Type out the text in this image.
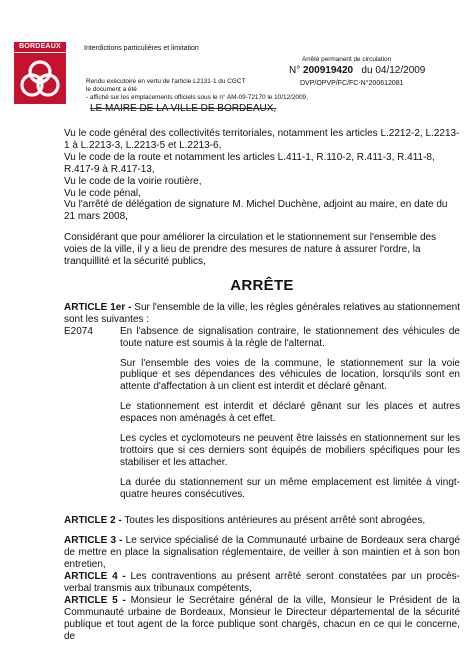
BORDEAUX	Interdictions particulières et limitation
Rendu exécutoire en vertu de l'article L2131-1 du CGCT
le document a été
- affiché sur les emplacements officiels sous le n° AM-09-72170 le 10/12/2009,
Arrêté permanent de circulation
N° 200919420 du 04/12/2009
DVP/OPVP/FC/FC-N°200612081
LE MAIRE DE LA VILLE DE BORDEAUX,

Vu le code général des collectivités territoriales, notamment les articles L.2212-2, L.2213-1 à L.2213-3, L.2213-5 et L.2213-6,

Vu le code de la route et notamment les articles L.411-1, R.110-2, R.411-3, R.411-8, R.417-9 à R.417-13,

Vu le code de la voirie routière,

Vu le code pénal,

Vu l'arrêté de délégation de signature M. Michel Duchène, adjoint au maire, en date du 21 mars 2008,

Considérant que pour améliorer la circulation et le stationnement sur l'ensemble des voies de la ville, il y a lieu de prendre des mesures de nature à assurer l'ordre, la tranquillité et la sécurité publics,

ARRÊTE

ARTICLE 1er - Sur l'ensemble de la ville, les règles générales relatives au stationnement sont les suivantes :

E2074	En l'absence de signalisation contraire, le stationnement des véhicules de toute nature est soumis à la règle de l'alternat.

Sur l'ensemble des voies de la commune, le stationnement sur la voie publique et ses dépendances des véhicules de location, lorsqu'ils sont en attente d'affectation à un client est interdit et déclaré gênant.

Le stationnement est interdit et déclaré gênant sur les places et autres espaces non aménagés à cet effet.

Les cycles et cyclomoteurs ne peuvent être laissés en stationnement sur les trottoirs que si ces derniers sont équipés de mobiliers spécifiques pour les stabiliser et les attacher.

La durée du stationnement sur un même emplacement est limitée à vingt-quatre heures consécutives.

ARTICLE 2 - Toutes les dispositions antérieures au présent arrêté sont abrogées,

ARTICLE 3 - Le service spécialisé de la Communauté urbaine de Bordeaux sera chargé de mettre en place la signalisation réglementaire, de veiller à son maintien et à son bon entretien,

ARTICLE 4 - Les contraventions au présent arrêté seront constatées par un procès-verbal transmis aux tribunaux compétents,

ARTICLE 5 - Monsieur le Secrétaire général de la ville, Monsieur le Président de la Communauté urbaine de Bordeaux, Monsieur le Directeur départemental de la sécurité publique et tout agent de la force publique sont chargés, chacun en ce qui le concerne, de
